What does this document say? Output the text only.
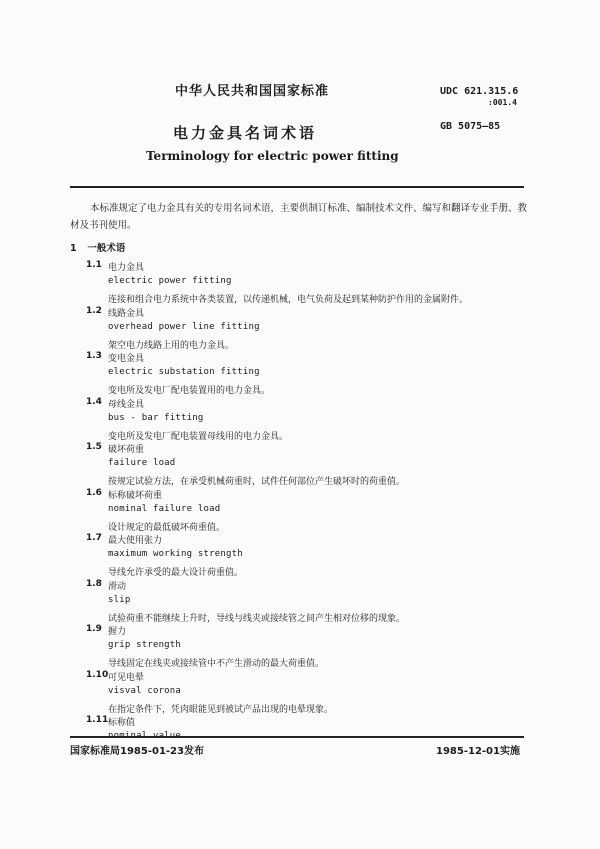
中华人民共和国国家标准	UDC 621.315.6
:001.4
电力金具名词术语	GB 5075—85
Terminology for electric power fitting
本标准规定了电力金具有关的专用名词术语，主要供制订标准、编制技术文件、编写和翻译专业手册、教材及书刊使用。
1 一般术语
1.1 电力金具
electric power fitting
连接和组合电力系统中各类装置，以传递机械，电气负荷及起到某种防护作用的金属附件。
1.2 线路金具
overhead power line fitting
架空电力线路上用的电力金具。
1.3 变电金具
electric substation fitting
变电所及发电厂配电装置用的电力金具。
1.4 母线金具
bus - bar fitting
变电所及发电厂配电装置母线用的电力金具。
1.5 破坏荷重
failure load
按规定试验方法，在承受机械荷重时，试件任何部位产生破坏时的荷重值。
1.6 标称破坏荷重
nominal failure load
设计规定的最低破坏荷重值。
1.7 最大使用张力
maximum working strength
导线允许承受的最大设计荷重值。
1.8 滑动
slip
试验荷重不能继续上升时，导线与线夹或接续管之间产生相对位移的现象。
1.9 握力
grip strength
导线固定在线夹或接续管中不产生滑动的最大荷重值。
1.10 可见电晕
visval corona
在指定条件下，凭肉眼能见到被试产品出现的电晕现象。
1.11 标称值
国家标准局1985-01-23发布	1985-12-01实施
